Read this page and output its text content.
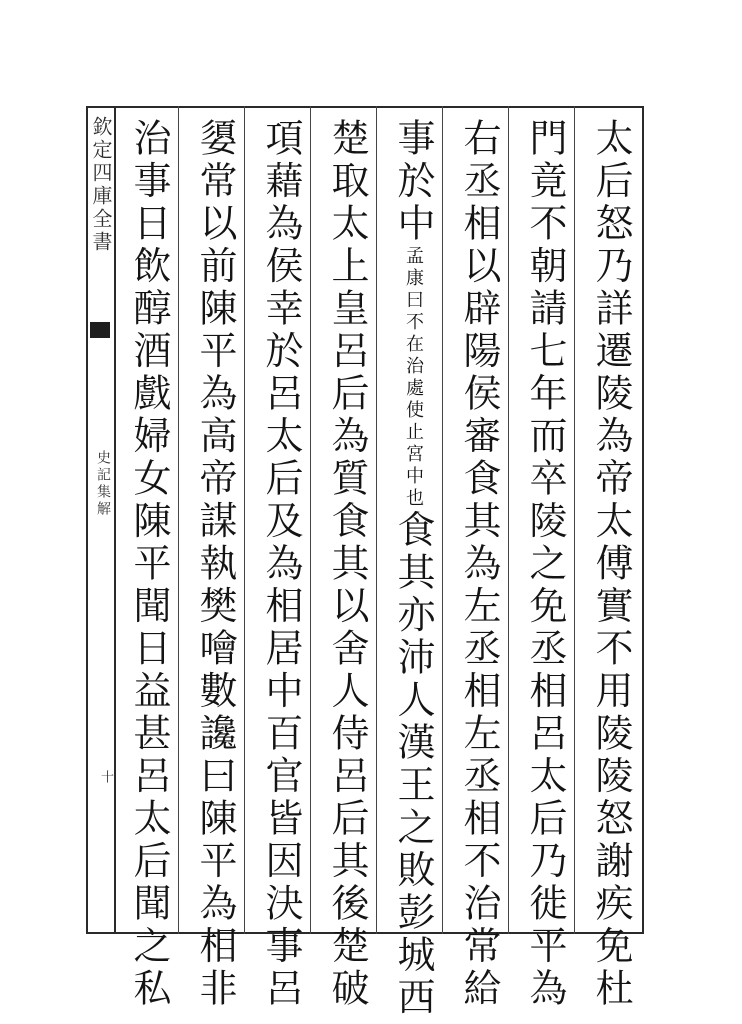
欽定四庫全書
史記集解
十	太后怒乃詳遷陵為帝太傅實不用陵陵怒謝疾免杜
門竟不朝請七年而卒陵之免丞相呂太后乃徙平為
右丞相以辟陽侯審食其為左丞相左丞相不治常給
事於中孟康曰不在治處使止宮中也食其亦沛人漢王之敗彭城西
楚取太上皇呂后為質食其以舍人侍呂后其後楚破
項藉為侯幸於呂太后及為相居中百官皆因決事呂
嬃常以前陳平為高帝謀執樊噲數讒曰陳平為相非
治事日飲醇酒戲婦女陳平聞日益甚呂太后聞之私
